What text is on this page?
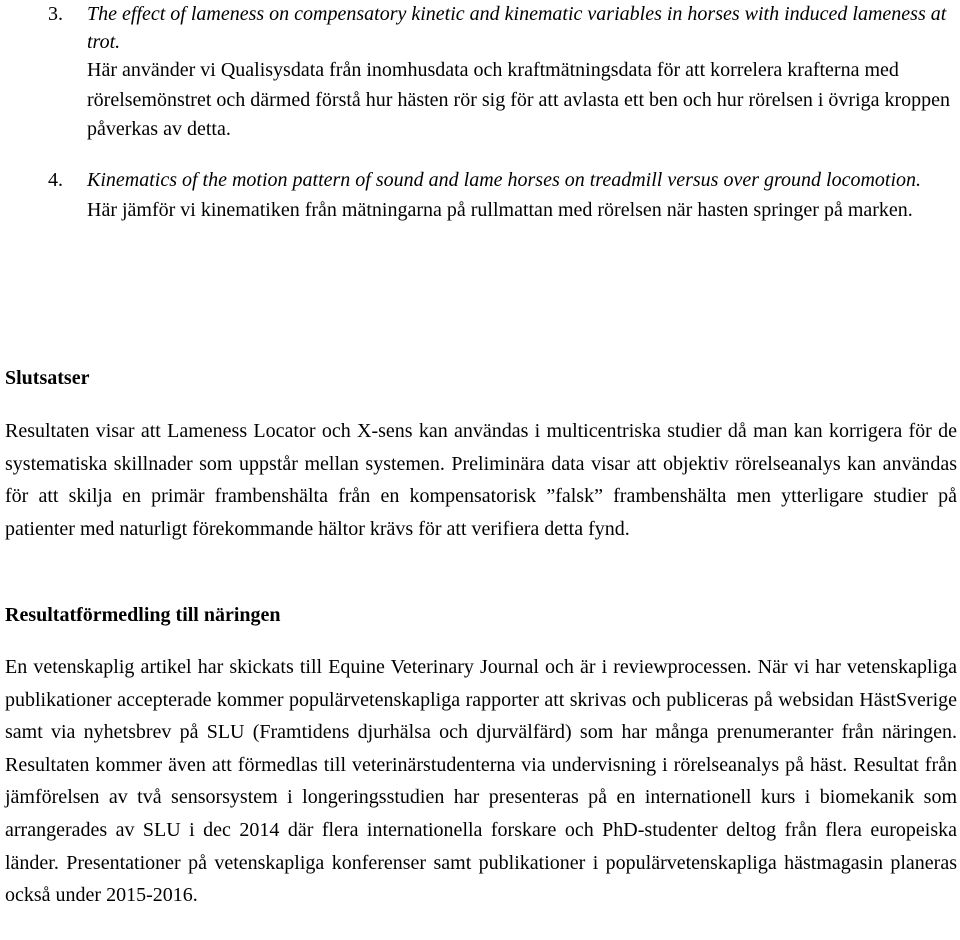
3. The effect of lameness on compensatory kinetic and kinematic variables in horses with induced lameness at trot.

Här använder vi Qualisysdata från inomhusdata och kraftmätningsdata för att korrelera krafterna med rörelsemönstret och därmed förstå hur hästen rör sig för att avlasta ett ben och hur rörelsen i övriga kroppen påverkas av detta.

4. Kinematics of the motion pattern of sound and lame horses on treadmill versus over ground locomotion.

Här jämför vi kinematiken från mätningarna på rullmattan med rörelsen när hasten springer på marken.

Slutsatser

Resultaten visar att Lameness Locator och X-sens kan användas i multicentriska studier då man kan korrigera för de systematiska skillnader som uppstår mellan systemen. Preliminära data visar att objektiv rörelseanalys kan användas för att skilja en primär frambenshälta från en kompensatorisk ”falsk” frambenshälta men ytterligare studier på patienter med naturligt förekommande hältor krävs för att verifiera detta fynd.

Resultatförmedling till näringen

En vetenskaplig artikel har skickats till Equine Veterinary Journal och är i reviewprocessen. När vi har vetenskapliga publikationer accepterade kommer populärvetenskapliga rapporter att skrivas och publiceras på websidan HästSverige samt via nyhetsbrev på SLU (Framtidens djurhälsa och djurvälfärd) som har många prenumeranter från näringen. Resultaten kommer även att förmedlas till veterinärstudenterna via undervisning i rörelseanalys på häst. Resultat från jämförelsen av två sensorsystem i longeringsstudien har presenteras på en internationell kurs i biomekanik som arrangerades av SLU i dec 2014 där flera internationella forskare och PhD-studenter deltog från flera europeiska länder. Presentationer på vetenskapliga konferenser samt publikationer i populärvetenskapliga hästmagasin planeras också under 2015-2016.
